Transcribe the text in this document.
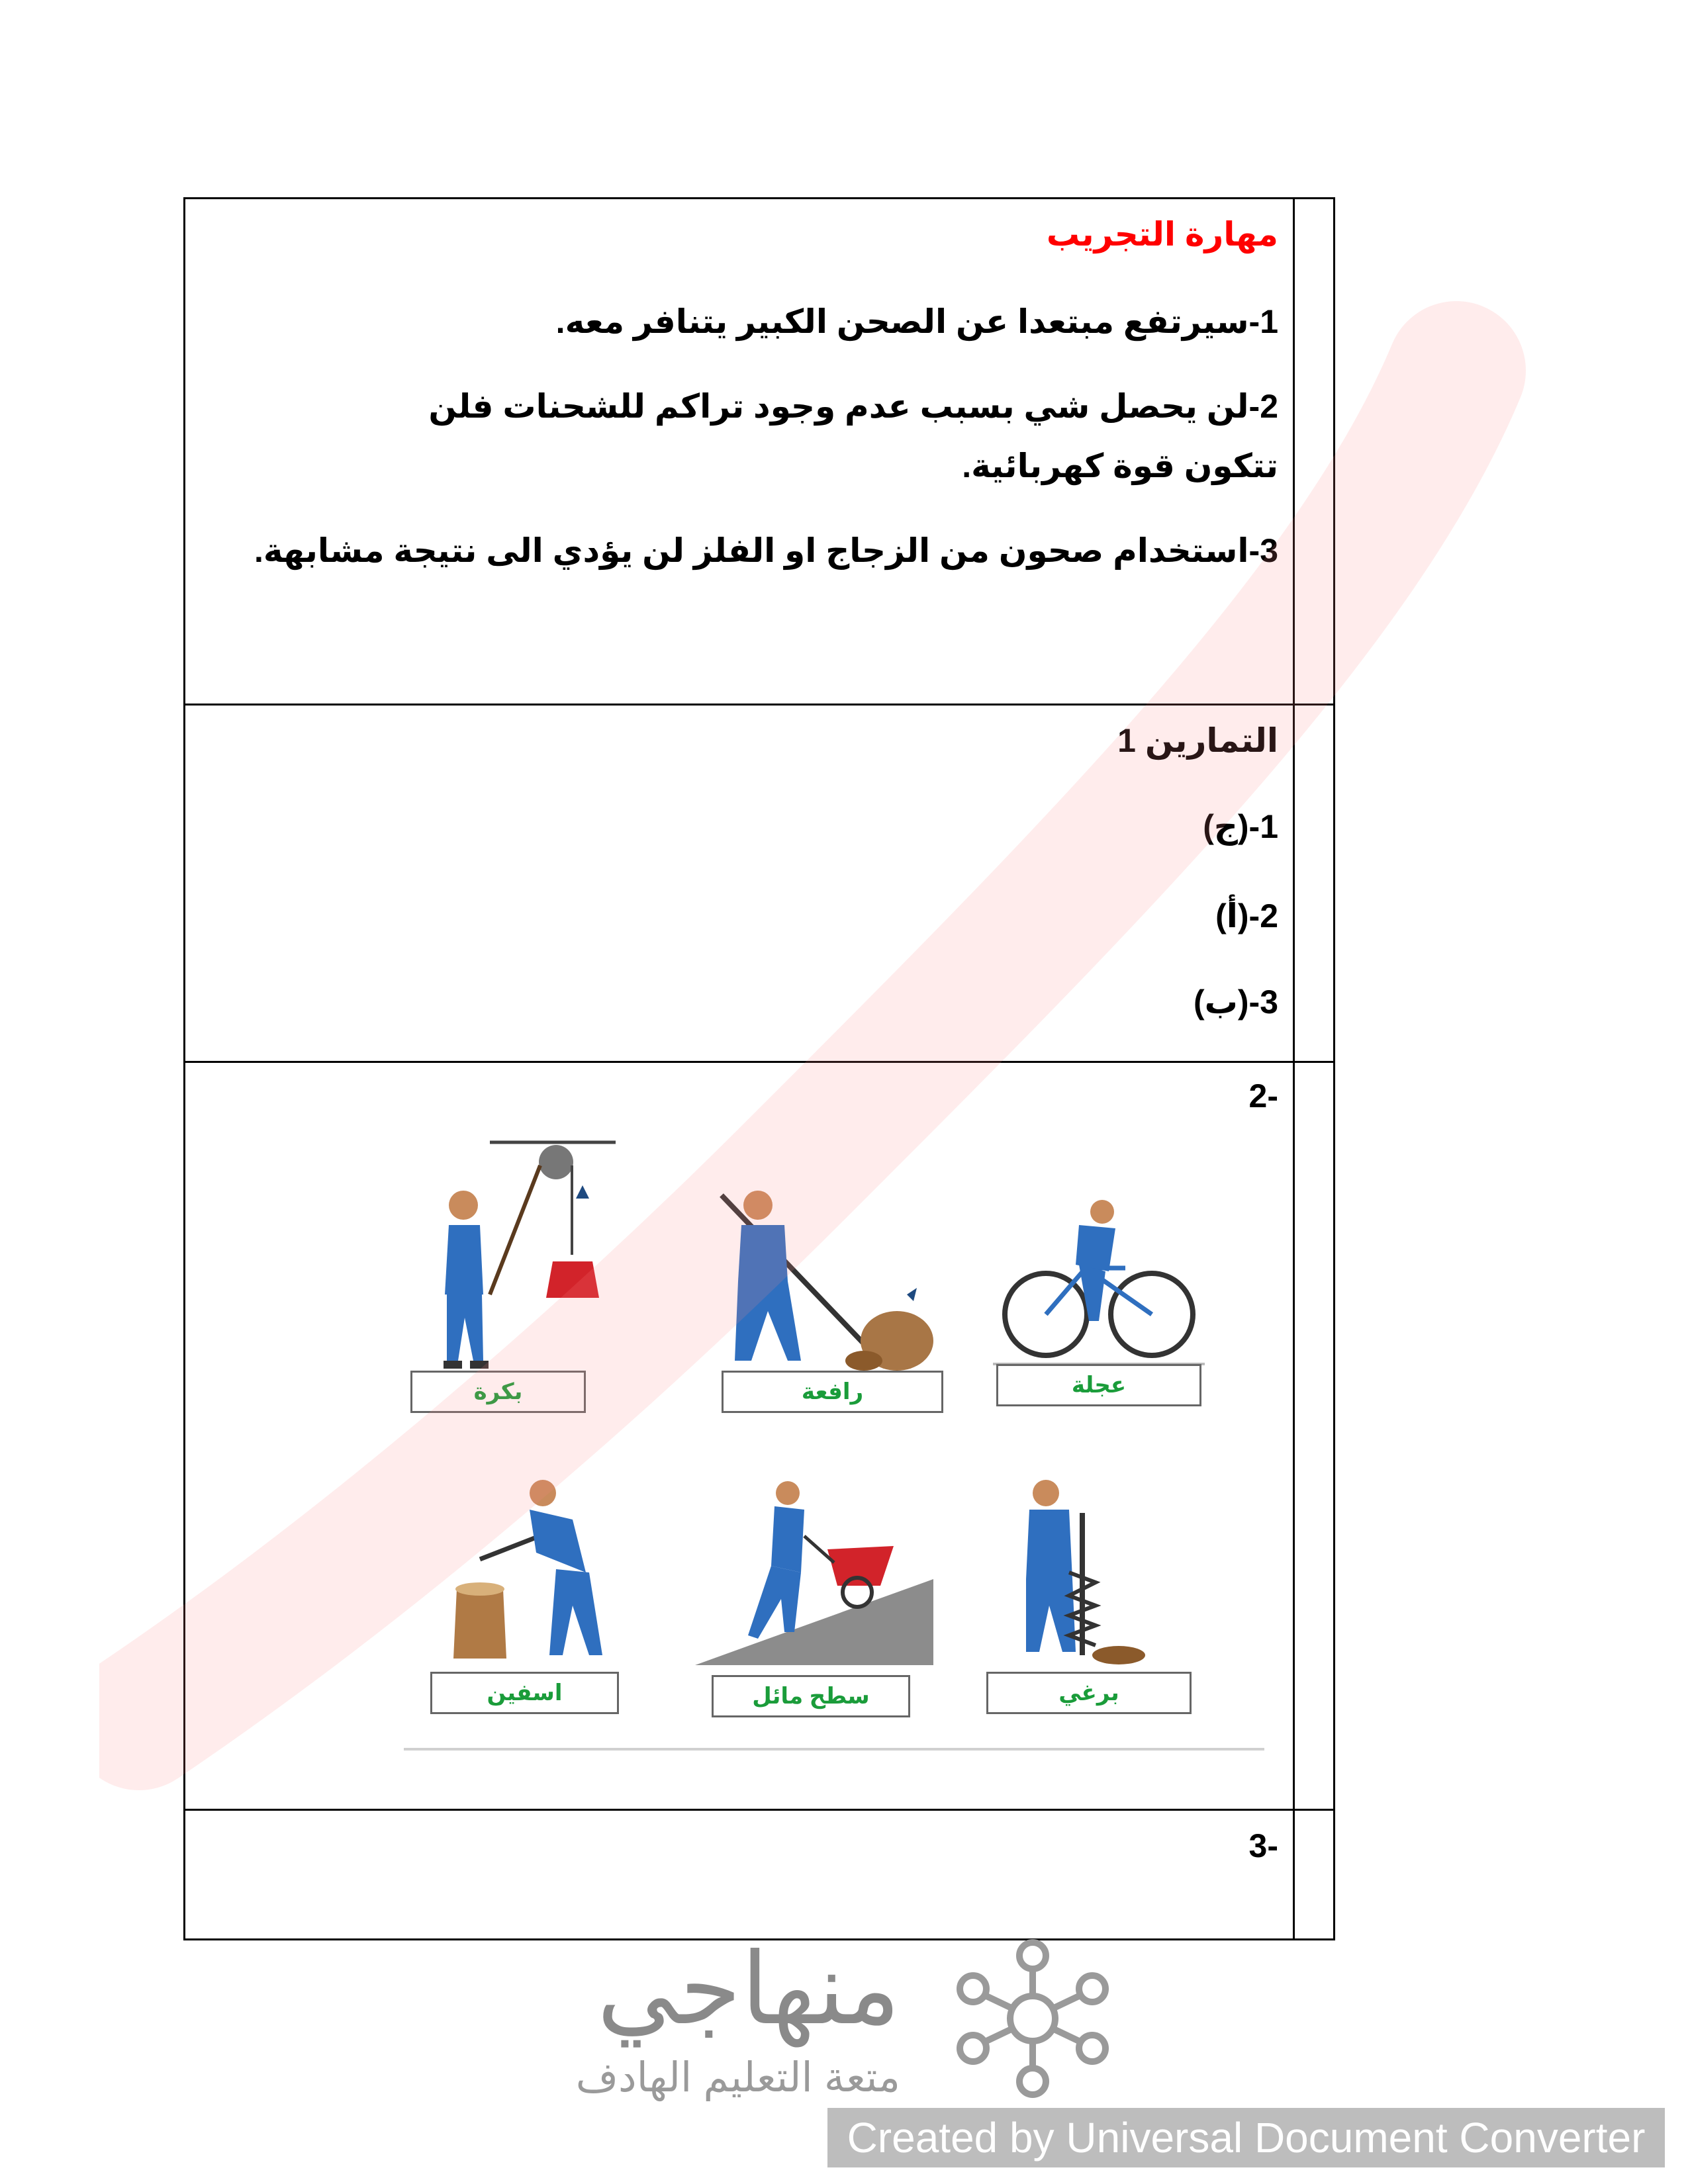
مهارة التجريب
1-سيرتفع مبتعدا عن الصحن الكبير يتنافر معه.
2-لن يحصل شي بسبب عدم وجود تراكم للشحنات فلن تتكون قوة كهربائية.
3-استخدام صحون من الزجاج او الفلز لن يؤدي الى نتيجة مشابهة.
التمارين 1
1-(ج)
2-(أ)
3-(ب)
-2
بكرة	رافعة	عجلة
اسفين	سطح مائل	برغي
-3
منهاجي
متعة التعليم الهادف
Created by Universal Document Converter
